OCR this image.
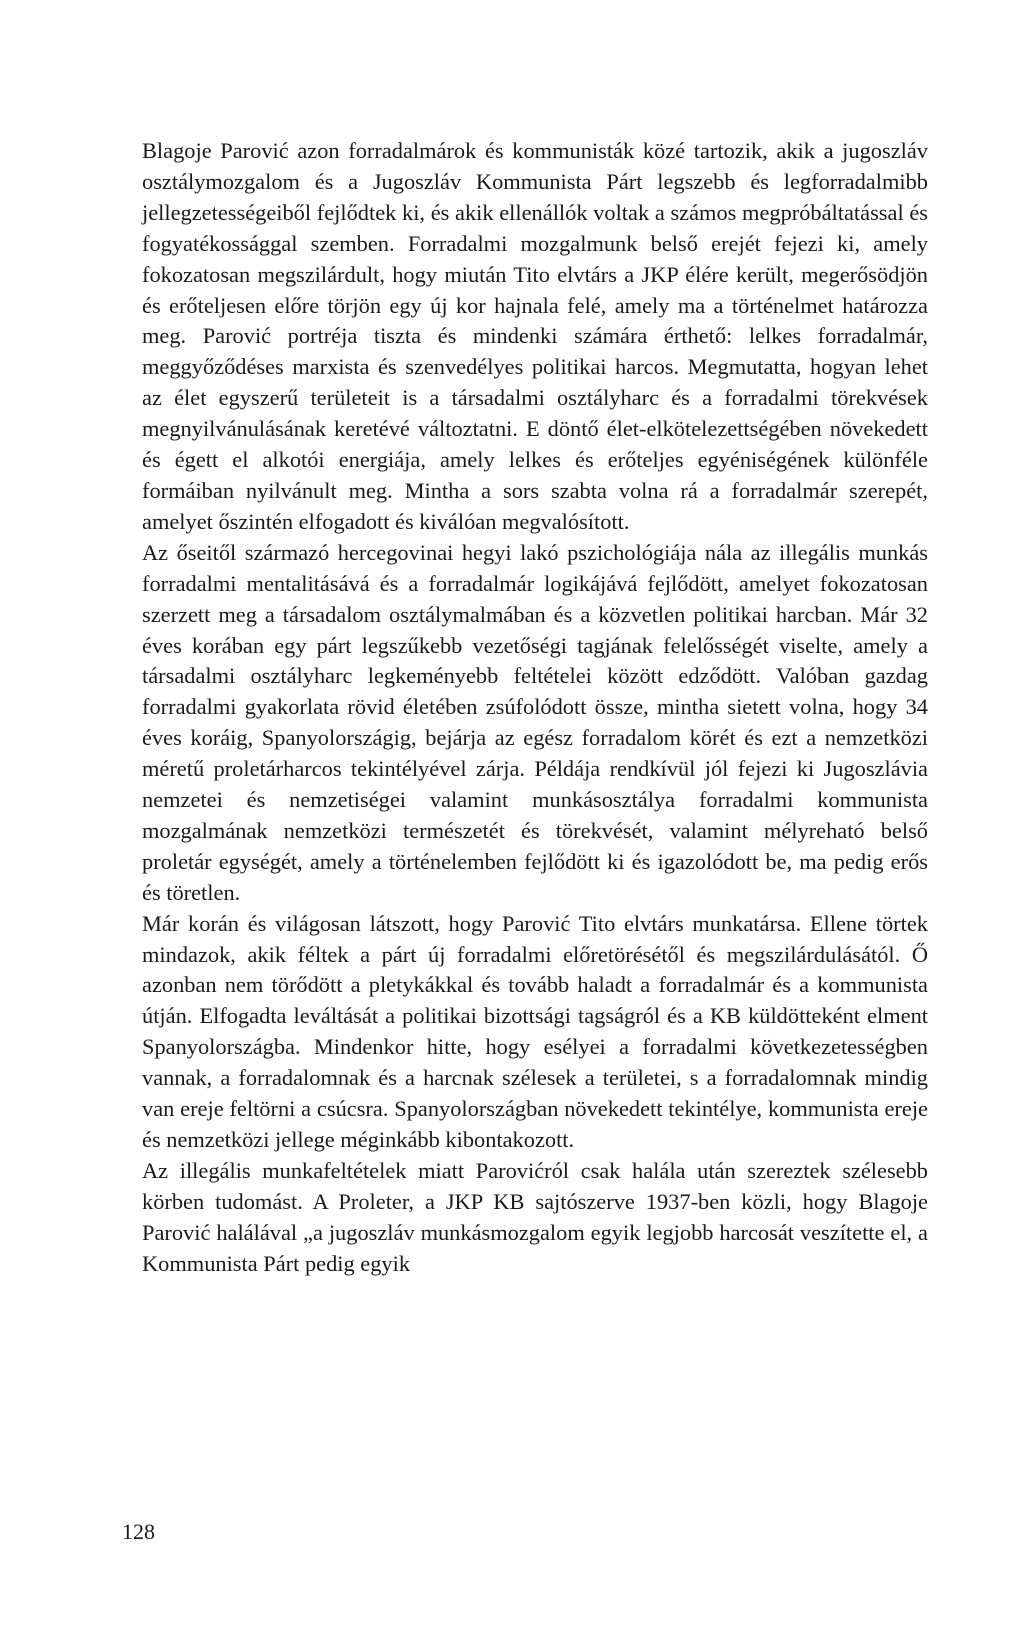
Blagoje Parović azon forradalmárok és kommunisták közé tartozik, akik a jugoszláv osztálymozgalom és a Jugoszláv Kommunista Párt legszebb és legforradalmibb jellegzetességeiből fejlődtek ki, és akik ellenállók voltak a számos megpróbáltatással és fogyatékossággal szemben. Forradalmi mozgalmunk belső erejét fejezi ki, amely fokozatosan megszilárdult, hogy miután Tito elvtárs a JKP élére került, megerősödjön és erőteljesen előre törjön egy új kor hajnala felé, amely ma a történelmet határozza meg. Parović portréja tiszta és mindenki számára érthető: lelkes forradalmár, meggyőződéses marxista és szenvedélyes politikai harcos. Megmutatta, hogyan lehet az élet egyszerű területeit is a társadalmi osztályharc és a forradalmi törekvések megnyilvánulásának keretévé változtatni. E döntő élet-elkötelezettségében növekedett és égett el alkotói energiája, amely lelkes és erőteljes egyéniségének különféle formáiban nyilvánult meg. Mintha a sors szabta volna rá a forradalmár szerepét, amelyet őszintén elfogadott és kiválóan megvalósított.

Az őseitől származó hercegovinai hegyi lakó pszichológiája nála az illegális munkás forradalmi mentalitásává és a forradalmár logikájává fejlődött, amelyet fokozatosan szerzett meg a társadalom osztálymalmában és a közvetlen politikai harcban. Már 32 éves korában egy párt legszűkebb vezetőségi tagjának felelősségét viselte, amely a társadalmi osztályharc legkeményebb feltételei között edződött. Valóban gazdag forradalmi gyakorlata rövid életében zsúfolódott össze, mintha sietett volna, hogy 34 éves koráig, Spanyolországig, bejárja az egész forradalom körét és ezt a nemzetközi méretű proletárharcos tekintélyével zárja. Példája rendkívül jól fejezi ki Jugoszlávia nemzetei és nemzetiségei valamint munkásosztálya forradalmi kommunista mozgalmának nemzetközi természetét és törekvését, valamint mélyreható belső proletár egységét, amely a történelemben fejlődött ki és igazolódott be, ma pedig erős és töretlen.

Már korán és világosan látszott, hogy Parović Tito elvtárs munkatársa. Ellene törtek mindazok, akik féltek a párt új forradalmi előretörésétől és megszilárdulásától. Ő azonban nem törődött a pletykákkal és tovább haladt a forradalmár és a kommunista útján. Elfogadta leváltását a politikai bizottsági tagságról és a KB küldötteként elment Spanyolországba. Mindenkor hitte, hogy esélyei a forradalmi következetességben vannak, a forradalomnak és a harcnak szélesek a területei, s a forradalomnak mindig van ereje feltörni a csúcsra. Spanyolországban növekedett tekintélye, kommunista ereje és nemzetközi jellege méginkább kibontakozott.

Az illegális munkafeltételek miatt Parovićról csak halála után szereztek szélesebb körben tudomást. A Proleter, a JKP KB sajtószerve 1937-ben közli, hogy Blagoje Parović halálával „a jugoszláv munkásmozgalom egyik legjobb harcosát veszítette el, a Kommunista Párt pedig egyik

128
